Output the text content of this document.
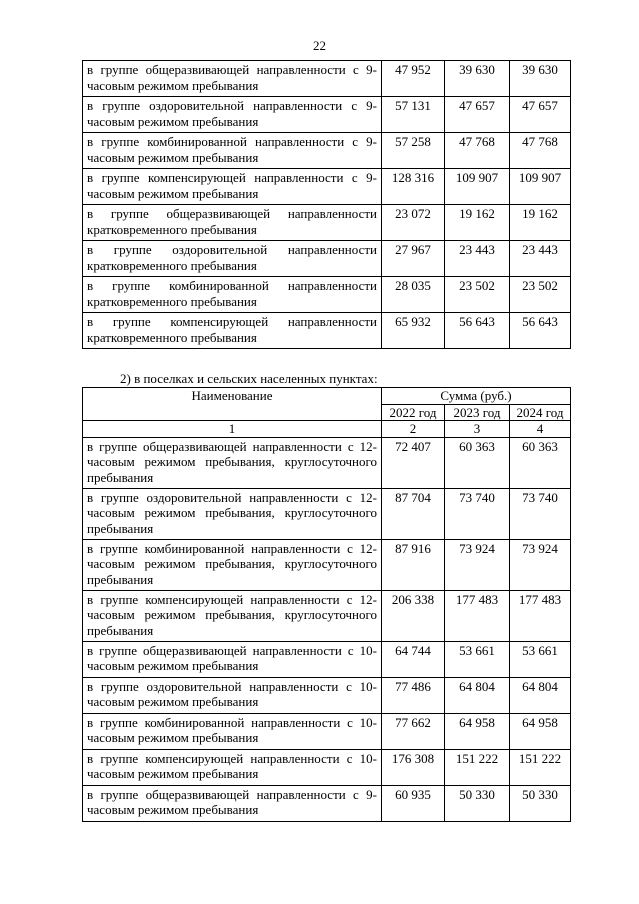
22
в группе общеразвивающей направленности с 9-часовым режимом пребывания	47 952	39 630	39 630
в группе оздоровительной направленности с 9-часовым режимом пребывания	57 131	47 657	47 657
в группе комбинированной направленности с 9-часовым режимом пребывания	57 258	47 768	47 768
в группе компенсирующей направленности с 9-часовым режимом пребывания	128 316	109 907	109 907
в группе общеразвивающей направленности кратковременного пребывания	23 072	19 162	19 162
в группе оздоровительной направленности кратковременного пребывания	27 967	23 443	23 443
в группе комбинированной направленности кратковременного пребывания	28 035	23 502	23 502
в группе компенсирующей направленности кратковременного пребывания	65 932	56 643	56 643
2) в поселках и сельских населенных пунктах:
Наименование	Сумма (руб.)		
	2022 год	2023 год	2024 год
1	2	3	4
в группе общеразвивающей направленности с 12-часовым режимом пребывания, круглосуточного пребывания	72 407	60 363	60 363
в группе оздоровительной направленности с 12-часовым режимом пребывания, круглосуточного пребывания	87 704	73 740	73 740
в группе комбинированной направленности с 12-часовым режимом пребывания, круглосуточного пребывания	87 916	73 924	73 924
в группе компенсирующей направленности с 12-часовым режимом пребывания, круглосуточного пребывания	206 338	177 483	177 483
в группе общеразвивающей направленности с 10-часовым режимом пребывания	64 744	53 661	53 661
в группе оздоровительной направленности с 10-часовым режимом пребывания	77 486	64 804	64 804
в группе комбинированной направленности с 10-часовым режимом пребывания	77 662	64 958	64 958
в группе компенсирующей направленности с 10-часовым режимом пребывания	176 308	151 222	151 222
в группе общеразвивающей направленности с 9-часовым режимом пребывания	60 935	50 330	50 330
